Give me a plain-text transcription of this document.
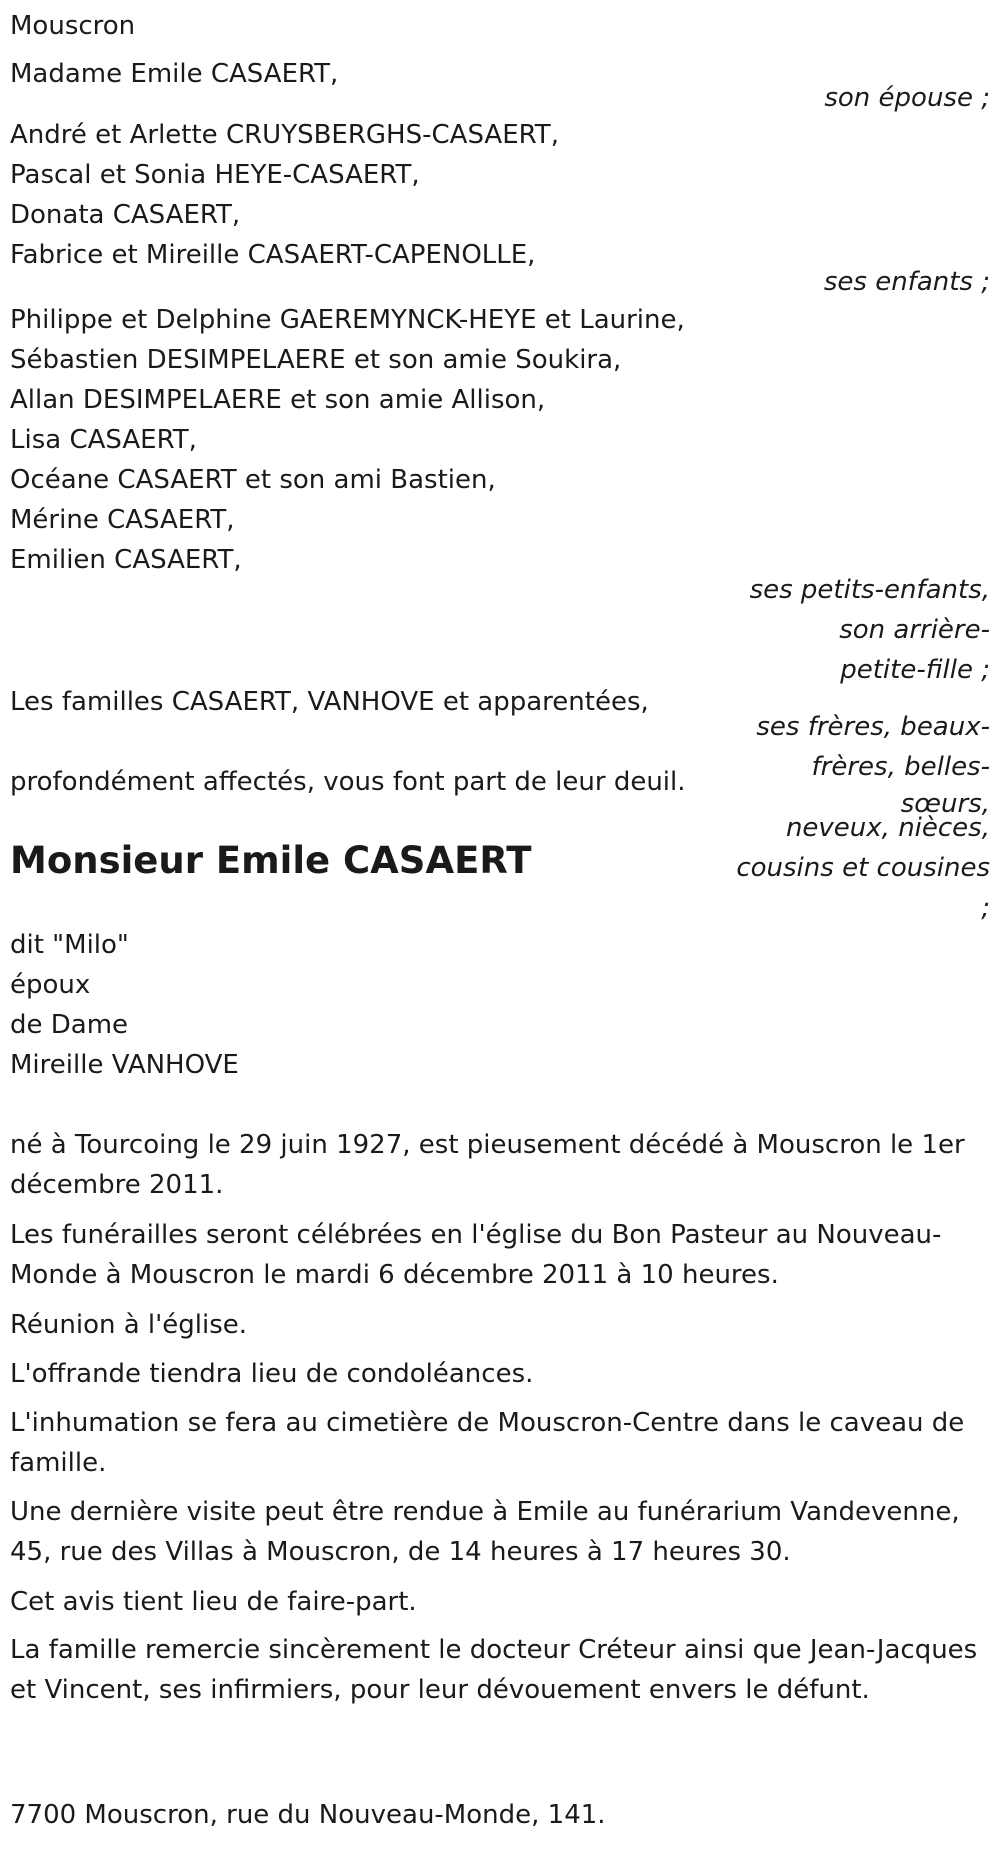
Mouscron
Madame Emile CASAERT,
son épouse ;
André et Arlette CRUYSBERGHS-CASAERT,
Pascal et Sonia HEYE-CASAERT,
Donata CASAERT,
Fabrice et Mireille CASAERT-CAPENOLLE,
ses enfants ;
Philippe et Delphine GAEREMYNCK-HEYE et Laurine,
Sébastien DESIMPELAERE et son amie Soukira,
Allan DESIMPELAERE et son amie Allison,
Lisa CASAERT,
Océane CASAERT et son ami Bastien,
Mérine CASAERT,
Emilien CASAERT,
ses petits-enfants,
son arrière-
petite-fille ;
Les familles CASAERT, VANHOVE et apparentées,
ses frères, beaux-
frères, belles-
sœurs,
neveux, nièces,
cousins et cousines
;
profondément affectés, vous font part de leur deuil.
Monsieur Emile CASAERT
dit "Milo"
époux
de Dame
Mireille VANHOVE
né à Tourcoing le 29 juin 1927, est pieusement décédé à Mouscron le 1er décembre 2011.
Les funérailles seront célébrées en l'église du Bon Pasteur au Nouveau-Monde à Mouscron le mardi 6 décembre 2011 à 10 heures.
Réunion à l'église.
L'offrande tiendra lieu de condoléances.
L'inhumation se fera au cimetière de Mouscron-Centre dans le caveau de famille.
Une dernière visite peut être rendue à Emile au funérarium Vandevenne, 45, rue des Villas à Mouscron, de 14 heures à 17 heures 30.
Cet avis tient lieu de faire-part.
La famille remercie sincèrement le docteur Créteur ainsi que Jean-Jacques et Vincent, ses infirmiers, pour leur dévouement envers le défunt.
7700 Mouscron, rue du Nouveau-Monde, 141.
